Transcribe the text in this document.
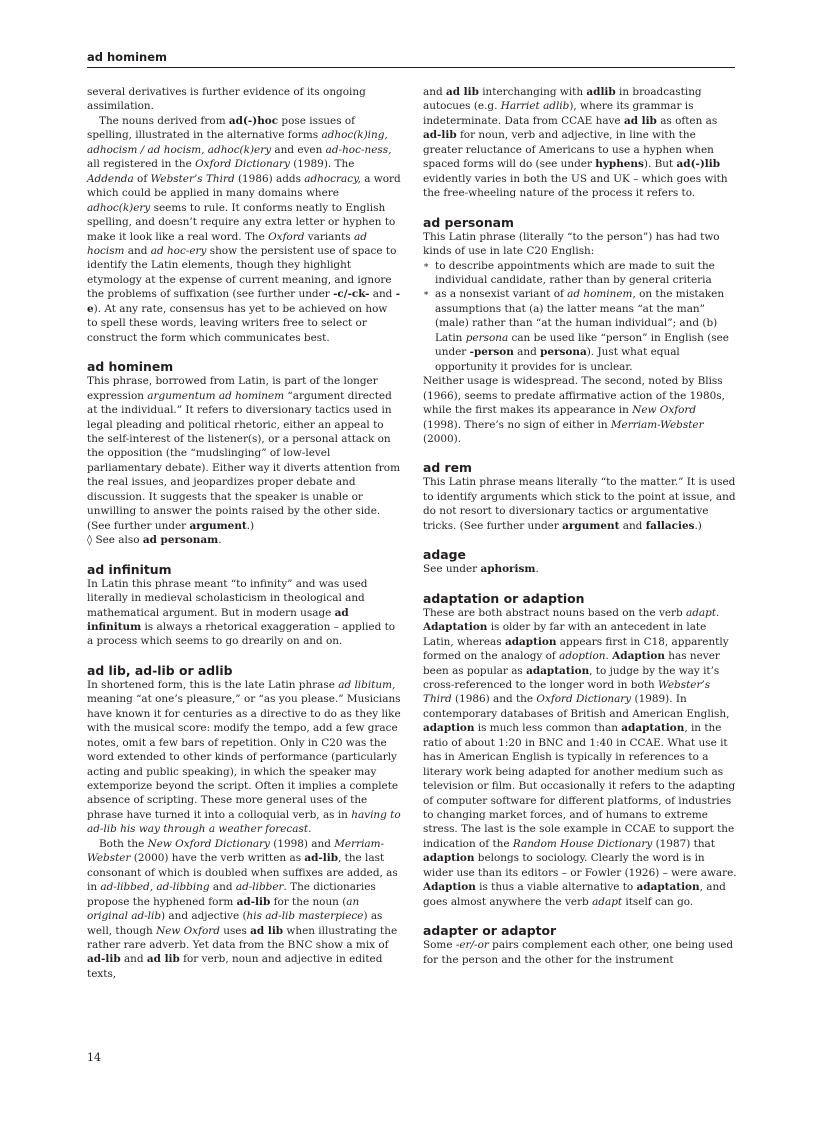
ad hominem

several derivatives is further evidence of its ongoing assimilation.

The nouns derived from ad(-)hoc pose issues of spelling, illustrated in the alternative forms adhoc(k)ing, adhocism / ad hocism, adhoc(k)ery and even ad-hoc-ness, all registered in the Oxford Dictionary (1989). The Addenda of Webster’s Third (1986) adds adhocracy, a word which could be applied in many domains where adhoc(k)ery seems to rule. It conforms neatly to English spelling, and doesn’t require any extra letter or hyphen to make it look like a real word. The Oxford variants ad hocism and ad hoc-ery show the persistent use of space to identify the Latin elements, though they highlight etymology at the expense of current meaning, and ignore the problems of suffixation (see further under -c/-ck- and -e). At any rate, consensus has yet to be achieved on how to spell these words, leaving writers free to select or construct the form which communicates best.

ad hominem

This phrase, borrowed from Latin, is part of the longer expression argumentum ad hominem “argument directed at the individual.” It refers to diversionary tactics used in legal pleading and political rhetoric, either an appeal to the self-interest of the listener(s), or a personal attack on the opposition (the “mudslinging” of low-level parliamentary debate). Either way it diverts attention from the real issues, and jeopardizes proper debate and discussion. It suggests that the speaker is unable or unwilling to answer the points raised by the other side. (See further under argument.)

◊ See also ad personam.

ad infinitum

In Latin this phrase meant “to infinity” and was used literally in medieval scholasticism in theological and mathematical argument. But in modern usage ad infinitum is always a rhetorical exaggeration – applied to a process which seems to go drearily on and on.

ad lib, ad-lib or adlib

In shortened form, this is the late Latin phrase ad libitum, meaning “at one’s pleasure,” or “as you please.” Musicians have known it for centuries as a directive to do as they like with the musical score: modify the tempo, add a few grace notes, omit a few bars of repetition. Only in C20 was the word extended to other kinds of performance (particularly acting and public speaking), in which the speaker may extemporize beyond the script. Often it implies a complete absence of scripting. These more general uses of the phrase have turned it into a colloquial verb, as in having to ad-lib his way through a weather forecast.

Both the New Oxford Dictionary (1998) and Merriam-Webster (2000) have the verb written as ad-lib, the last consonant of which is doubled when suffixes are added, as in ad-libbed, ad-libbing and ad-libber. The dictionaries propose the hyphened form ad-lib for the noun (an original ad-lib) and adjective (his ad-lib masterpiece) as well, though New Oxford uses ad lib when illustrating the rather rare adverb. Yet data from the BNC show a mix of ad-lib and ad lib for verb, noun and adjective in edited texts,

and ad lib interchanging with adlib in broadcasting autocues (e.g. Harriet adlib), where its grammar is indeterminate. Data from CCAE have ad lib as often as ad-lib for noun, verb and adjective, in line with the greater reluctance of Americans to use a hyphen when spaced forms will do (see under hyphens). But ad(-)lib evidently varies in both the US and UK – which goes with the free-wheeling nature of the process it refers to.

ad personam

This Latin phrase (literally “to the person”) has had two kinds of use in late C20 English:

∗ to describe appointments which are made to suit the individual candidate, rather than by general criteria
∗ as a nonsexist variant of ad hominem, on the mistaken assumptions that (a) the latter means “at the man” (male) rather than “at the human individual”; and (b) Latin persona can be used like “person” in English (see under -person and persona). Just what equal opportunity it provides for is unclear.

Neither usage is widespread. The second, noted by Bliss (1966), seems to predate affirmative action of the 1980s, while the first makes its appearance in New Oxford (1998). There’s no sign of either in Merriam-Webster (2000).

ad rem

This Latin phrase means literally “to the matter.” It is used to identify arguments which stick to the point at issue, and do not resort to diversionary tactics or argumentative tricks. (See further under argument and fallacies.)

adage

See under aphorism.

adaptation or adaption

These are both abstract nouns based on the verb adapt. Adaptation is older by far with an antecedent in late Latin, whereas adaption appears first in C18, apparently formed on the analogy of adoption. Adaption has never been as popular as adaptation, to judge by the way it’s cross-referenced to the longer word in both Webster’s Third (1986) and the Oxford Dictionary (1989). In contemporary databases of British and American English, adaption is much less common than adaptation, in the ratio of about 1:20 in BNC and 1:40 in CCAE. What use it has in American English is typically in references to a literary work being adapted for another medium such as television or film. But occasionally it refers to the adapting of computer software for different platforms, of industries to changing market forces, and of humans to extreme stress. The last is the sole example in CCAE to support the indication of the Random House Dictionary (1987) that adaption belongs to sociology. Clearly the word is in wider use than its editors – or Fowler (1926) – were aware. Adaption is thus a viable alternative to adaptation, and goes almost anywhere the verb adapt itself can go.

adapter or adaptor

Some -er/-or pairs complement each other, one being used for the person and the other for the instrument

14
